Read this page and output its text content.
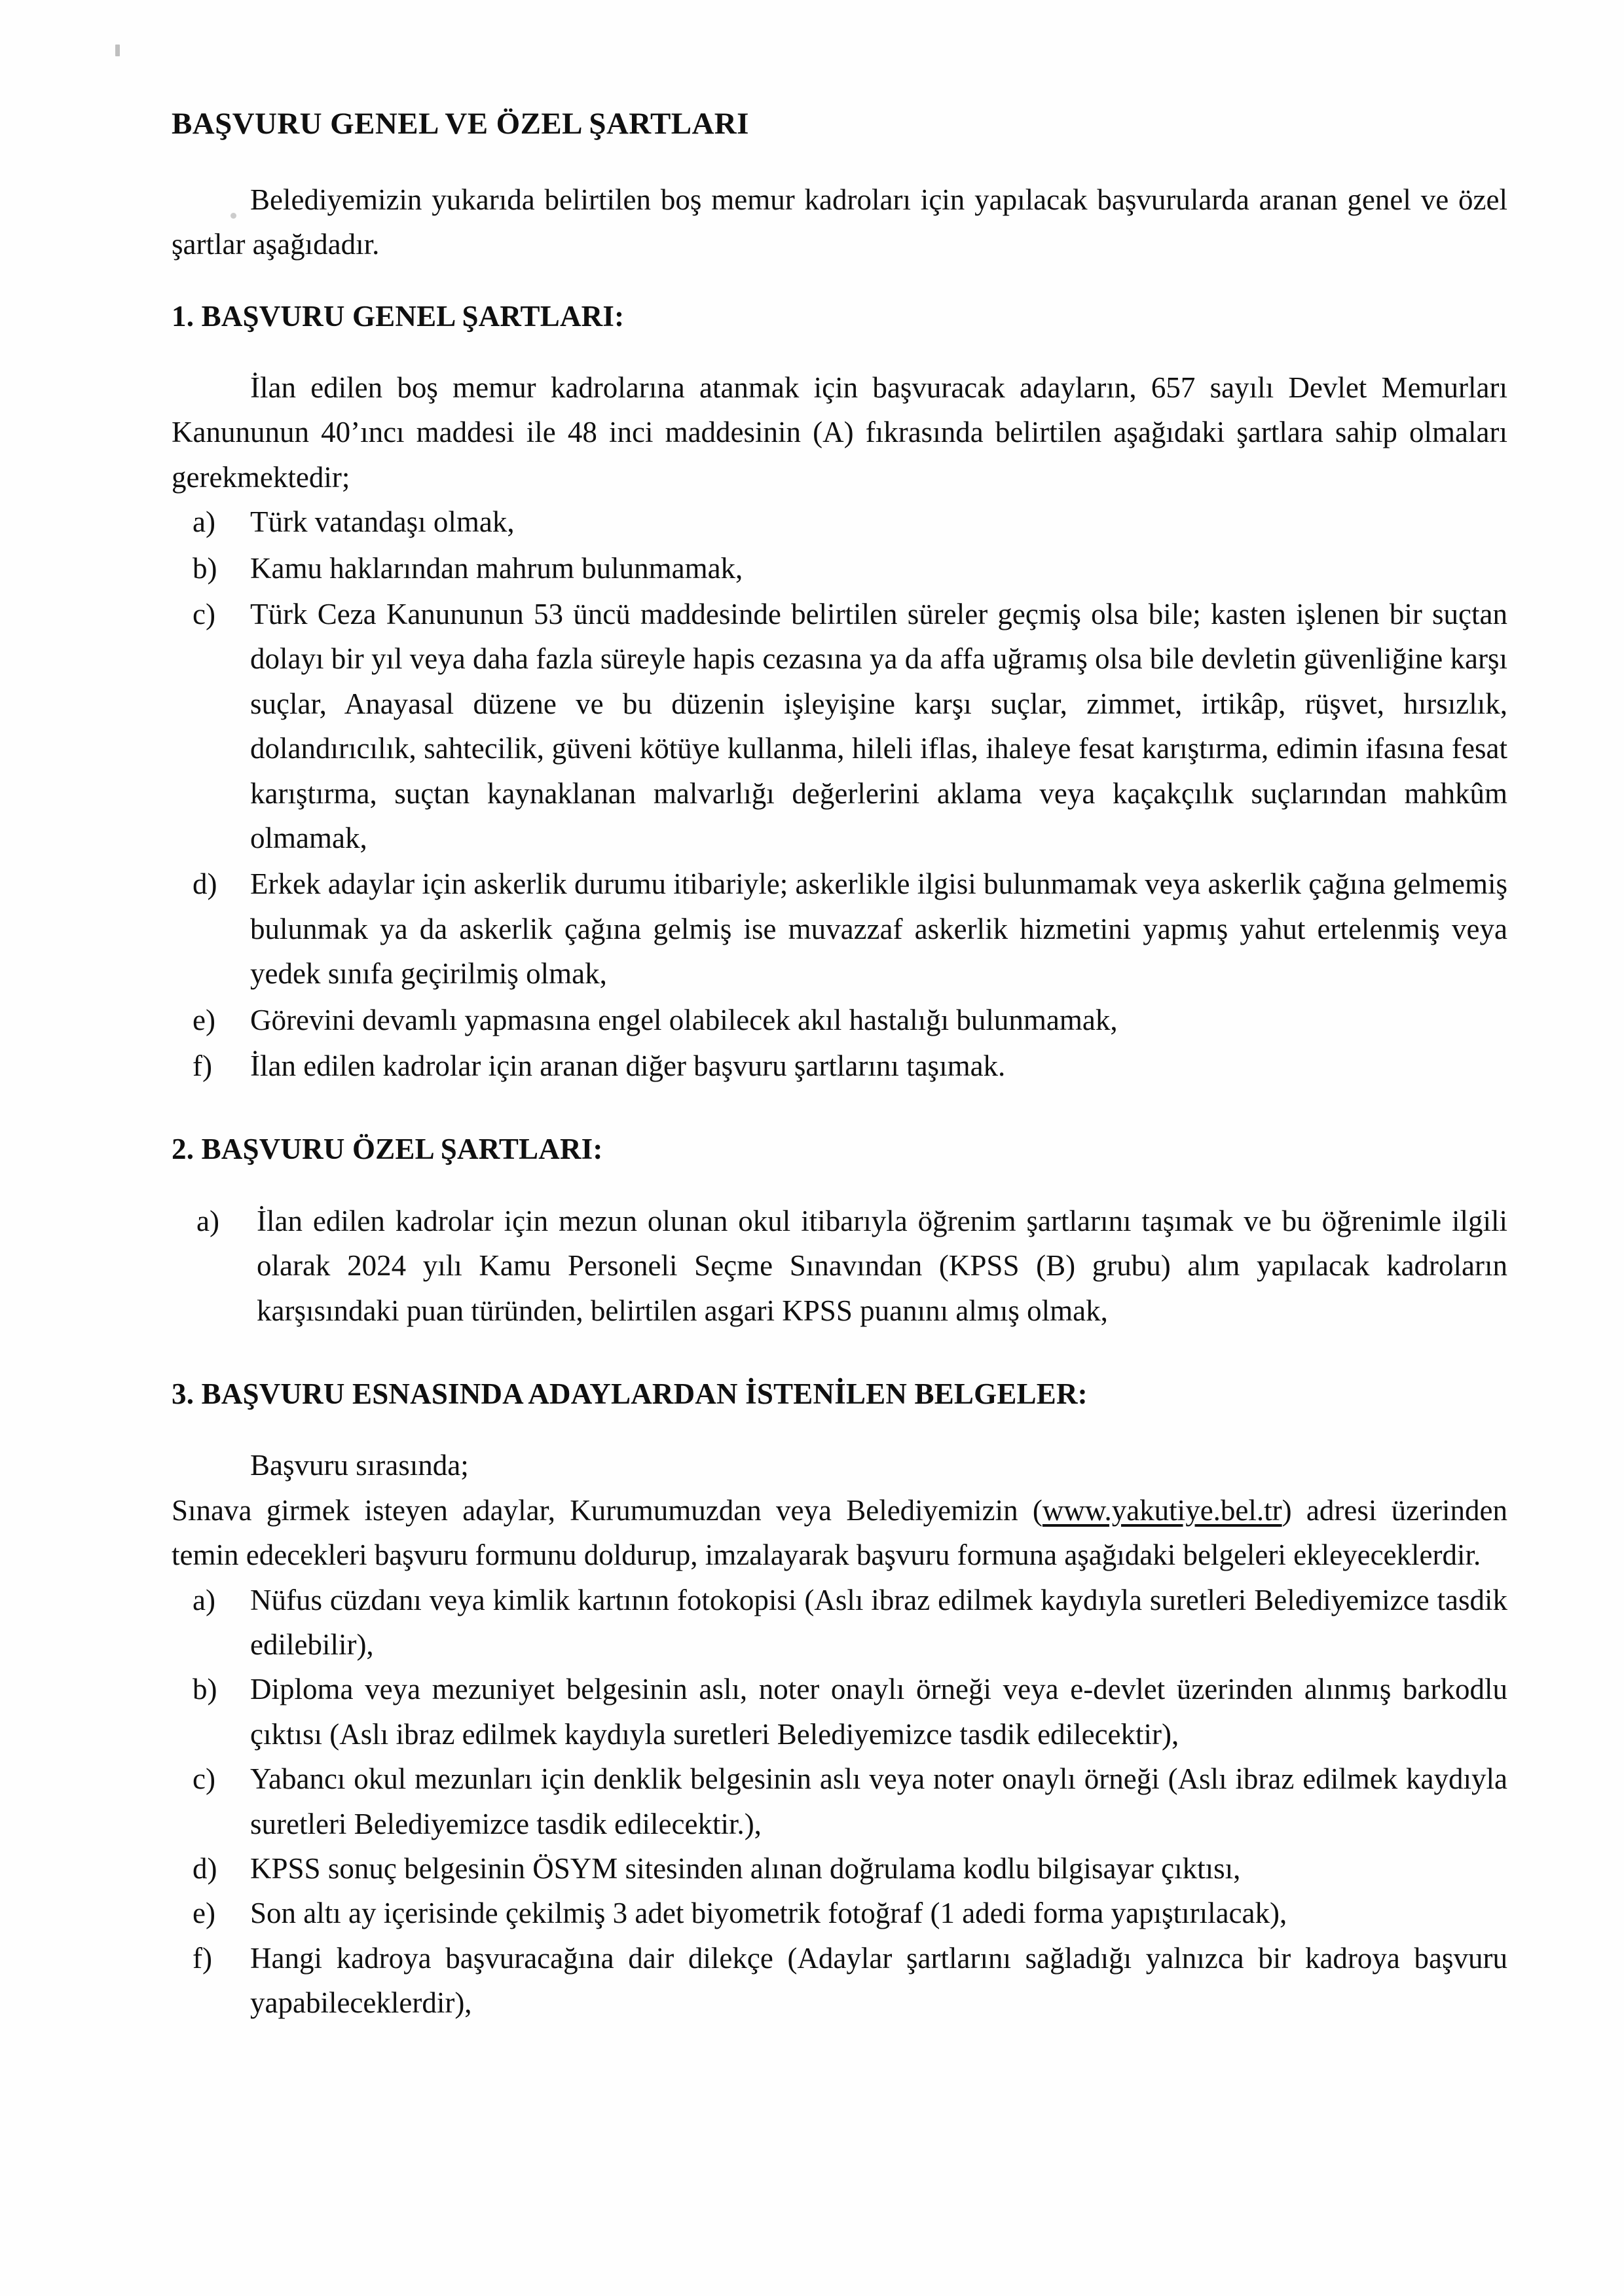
BAŞVURU GENEL VE ÖZEL ŞARTLARI

Belediyemizin yukarıda belirtilen boş memur kadroları için yapılacak başvurularda aranan genel ve özel şartlar aşağıdadır.

1. BAŞVURU GENEL ŞARTLARI:

İlan edilen boş memur kadrolarına atanmak için başvuracak adayların, 657 sayılı Devlet Memurları Kanununun 40’ıncı maddesi ile 48 inci maddesinin (A) fıkrasında belirtilen aşağıdaki şartlara sahip olmaları gerekmektedir;

a)	Türk vatandaşı olmak,
b)	Kamu haklarından mahrum bulunmamak,
c)	Türk Ceza Kanununun 53 üncü maddesinde belirtilen süreler geçmiş olsa bile; kasten işlenen bir suçtan dolayı bir yıl veya daha fazla süreyle hapis cezasına ya da affa uğramış olsa bile devletin güvenliğine karşı suçlar, Anayasal düzene ve bu düzenin işleyişine karşı suçlar, zimmet, irtikâp, rüşvet, hırsızlık, dolandırıcılık, sahtecilik, güveni kötüye kullanma, hileli iflas, ihaleye fesat karıştırma, edimin ifasına fesat karıştırma, suçtan kaynaklanan malvarlığı değerlerini aklama veya kaçakçılık suçlarından mahkûm olmamak,
d)	Erkek adaylar için askerlik durumu itibariyle; askerlikle ilgisi bulunmamak veya askerlik çağına gelmemiş bulunmak ya da askerlik çağına gelmiş ise muvazzaf askerlik hizmetini yapmış yahut ertelenmiş veya yedek sınıfa geçirilmiş olmak,
e)	Görevini devamlı yapmasına engel olabilecek akıl hastalığı bulunmamak,
f)	İlan edilen kadrolar için aranan diğer başvuru şartlarını taşımak.
2. BAŞVURU ÖZEL ŞARTLARI:
a)	İlan edilen kadrolar için mezun olunan okul itibarıyla öğrenim şartlarını taşımak ve bu öğrenimle ilgili olarak 2024 yılı Kamu Personeli Seçme Sınavından (KPSS (B) grubu) alım yapılacak kadroların karşısındaki puan türünden, belirtilen asgari KPSS puanını almış olmak,
3. BAŞVURU ESNASINDA ADAYLARDAN İSTENİLEN BELGELER:

Başvuru sırasında;

Sınava girmek isteyen adaylar, Kurumumuzdan veya Belediyemizin (www.yakutiye.bel.tr) adresi üzerinden temin edecekleri başvuru formunu doldurup, imzalayarak başvuru formuna aşağıdaki belgeleri ekleyeceklerdir.

a)	Nüfus cüzdanı veya kimlik kartının fotokopisi (Aslı ibraz edilmek kaydıyla suretleri Belediyemizce tasdik edilebilir),
b)	Diploma veya mezuniyet belgesinin aslı, noter onaylı örneği veya e-devlet üzerinden alınmış barkodlu çıktısı (Aslı ibraz edilmek kaydıyla suretleri Belediyemizce tasdik edilecektir),
c)	Yabancı okul mezunları için denklik belgesinin aslı veya noter onaylı örneği (Aslı ibraz edilmek kaydıyla suretleri Belediyemizce tasdik edilecektir.),
d)	KPSS sonuç belgesinin ÖSYM sitesinden alınan doğrulama kodlu bilgisayar çıktısı,
e)	Son altı ay içerisinde çekilmiş 3 adet biyometrik fotoğraf (1 adedi forma yapıştırılacak),
f)	Hangi kadroya başvuracağına dair dilekçe (Adaylar şartlarını sağladığı yalnızca bir kadroya başvuru yapabileceklerdir),
